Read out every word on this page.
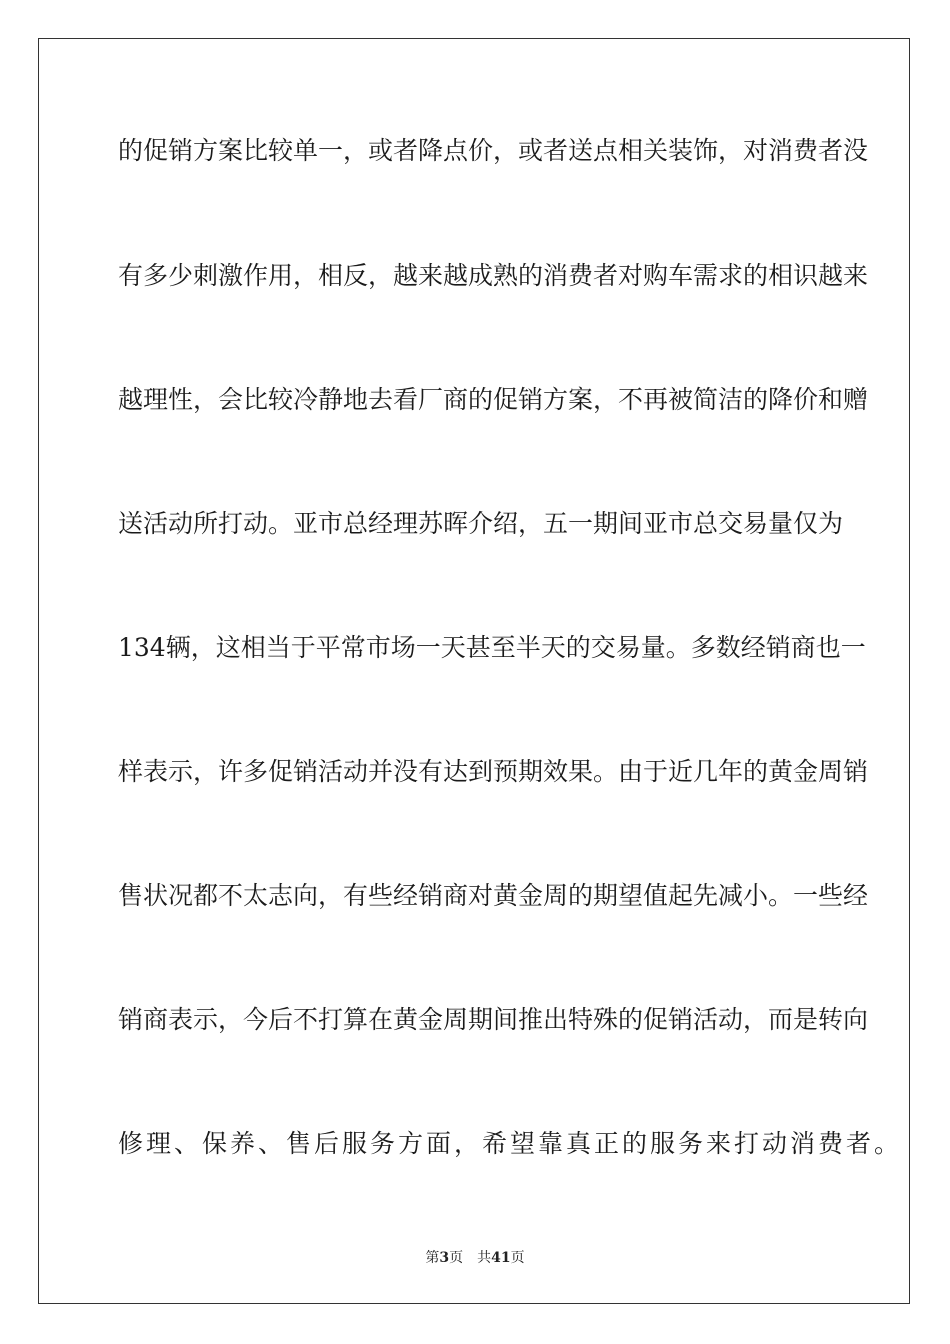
的促销方案比较单一，或者降点价，或者送点相关装饰，对消费者没
有多少刺激作用，相反，越来越成熟的消费者对购车需求的相识越来
越理性，会比较冷静地去看厂商的促销方案，不再被简洁的降价和赠
送活动所打动。亚市总经理苏晖介绍，五一期间亚市总交易量仅为
134辆，这相当于平常市场一天甚至半天的交易量。多数经销商也一
样表示，许多促销活动并没有达到预期效果。由于近几年的黄金周销
售状况都不太志向，有些经销商对黄金周的期望值起先减小。一些经
销商表示，今后不打算在黄金周期间推出特殊的促销活动，而是转向
修理、保养、售后服务方面，希望靠真正的服务来打动消费者。
第3页 共41页
